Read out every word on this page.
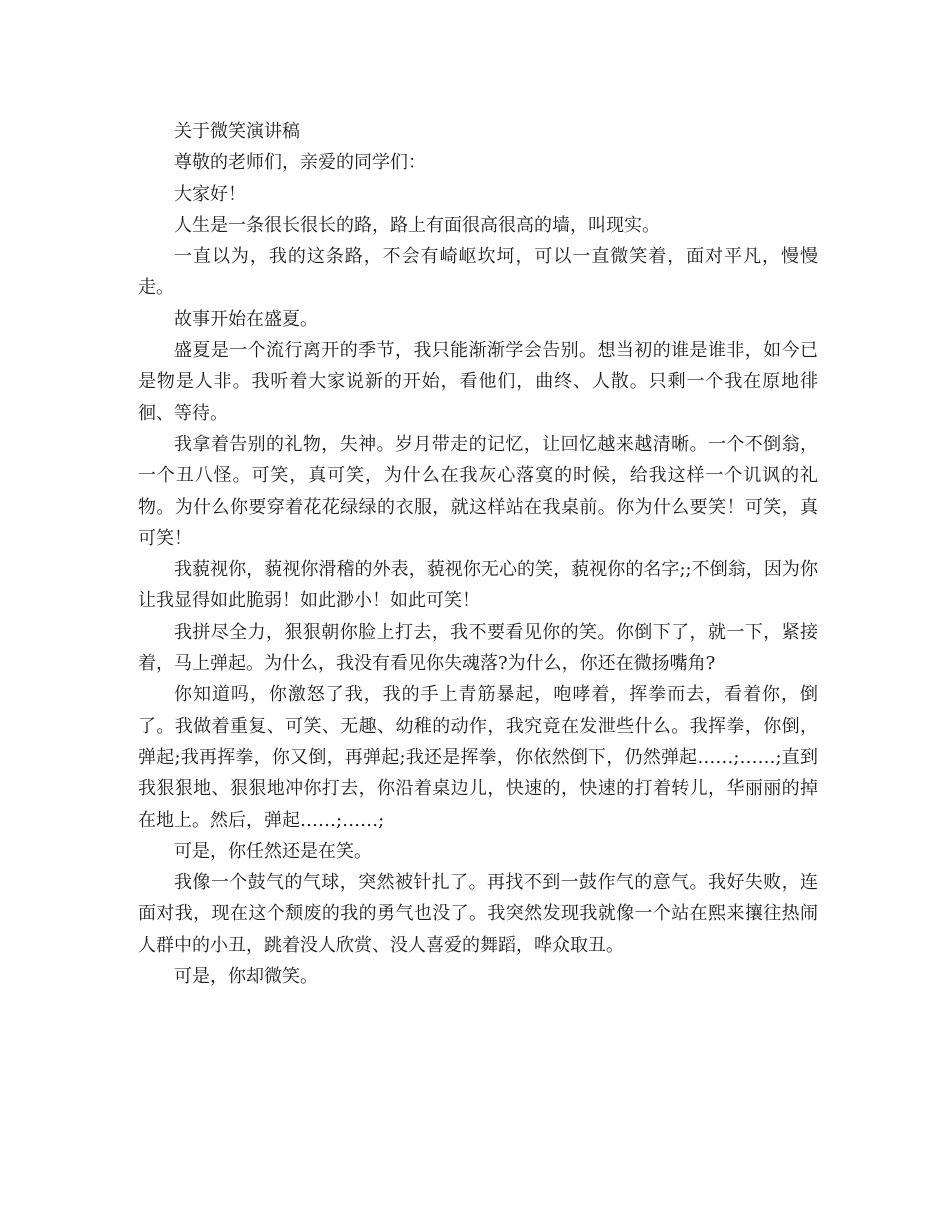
关于微笑演讲稿

尊敬的老师们，亲爱的同学们：

大家好！

人生是一条很长很长的路，路上有面很高很高的墙，叫现实。

一直以为，我的这条路，不会有崎岖坎坷，可以一直微笑着，面对平凡，慢慢走。

故事开始在盛夏。

盛夏是一个流行离开的季节，我只能渐渐学会告别。想当初的谁是谁非，如今已是物是人非。我听着大家说新的开始，看他们，曲终、人散。只剩一个我在原地徘徊、等待。

我拿着告别的礼物，失神。岁月带走的记忆，让回忆越来越清晰。一个不倒翁，一个丑八怪。可笑，真可笑，为什么在我灰心落寞的时候，给我这样一个讥讽的礼物。为什么你要穿着花花绿绿的衣服，就这样站在我桌前。你为什么要笑！可笑，真可笑！

我藐视你，藐视你滑稽的外表，藐视你无心的笑，藐视你的名字;;不倒翁，因为你让我显得如此脆弱！如此渺小！如此可笑！

我拼尽全力，狠狠朝你脸上打去，我不要看见你的笑。你倒下了，就一下，紧接着，马上弹起。为什么，我没有看见你失魂落?为什么，你还在微扬嘴角?

你知道吗，你激怒了我，我的手上青筋暴起，咆哮着，挥拳而去，看着你，倒了。我做着重复、可笑、无趣、幼稚的动作，我究竟在发泄些什么。我挥拳，你倒，弹起;我再挥拳，你又倒，再弹起;我还是挥拳，你依然倒下，仍然弹起……;……;直到我狠狠地、狠狠地冲你打去，你沿着桌边儿，快速的，快速的打着转儿，华丽丽的掉在地上。然后，弹起……;……;

可是，你任然还是在笑。

我像一个鼓气的气球，突然被针扎了。再找不到一鼓作气的意气。我好失败，连面对我，现在这个颓废的我的勇气也没了。我突然发现我就像一个站在熙来攘往热闹人群中的小丑，跳着没人欣赏、没人喜爱的舞蹈，哗众取丑。

可是，你却微笑。
